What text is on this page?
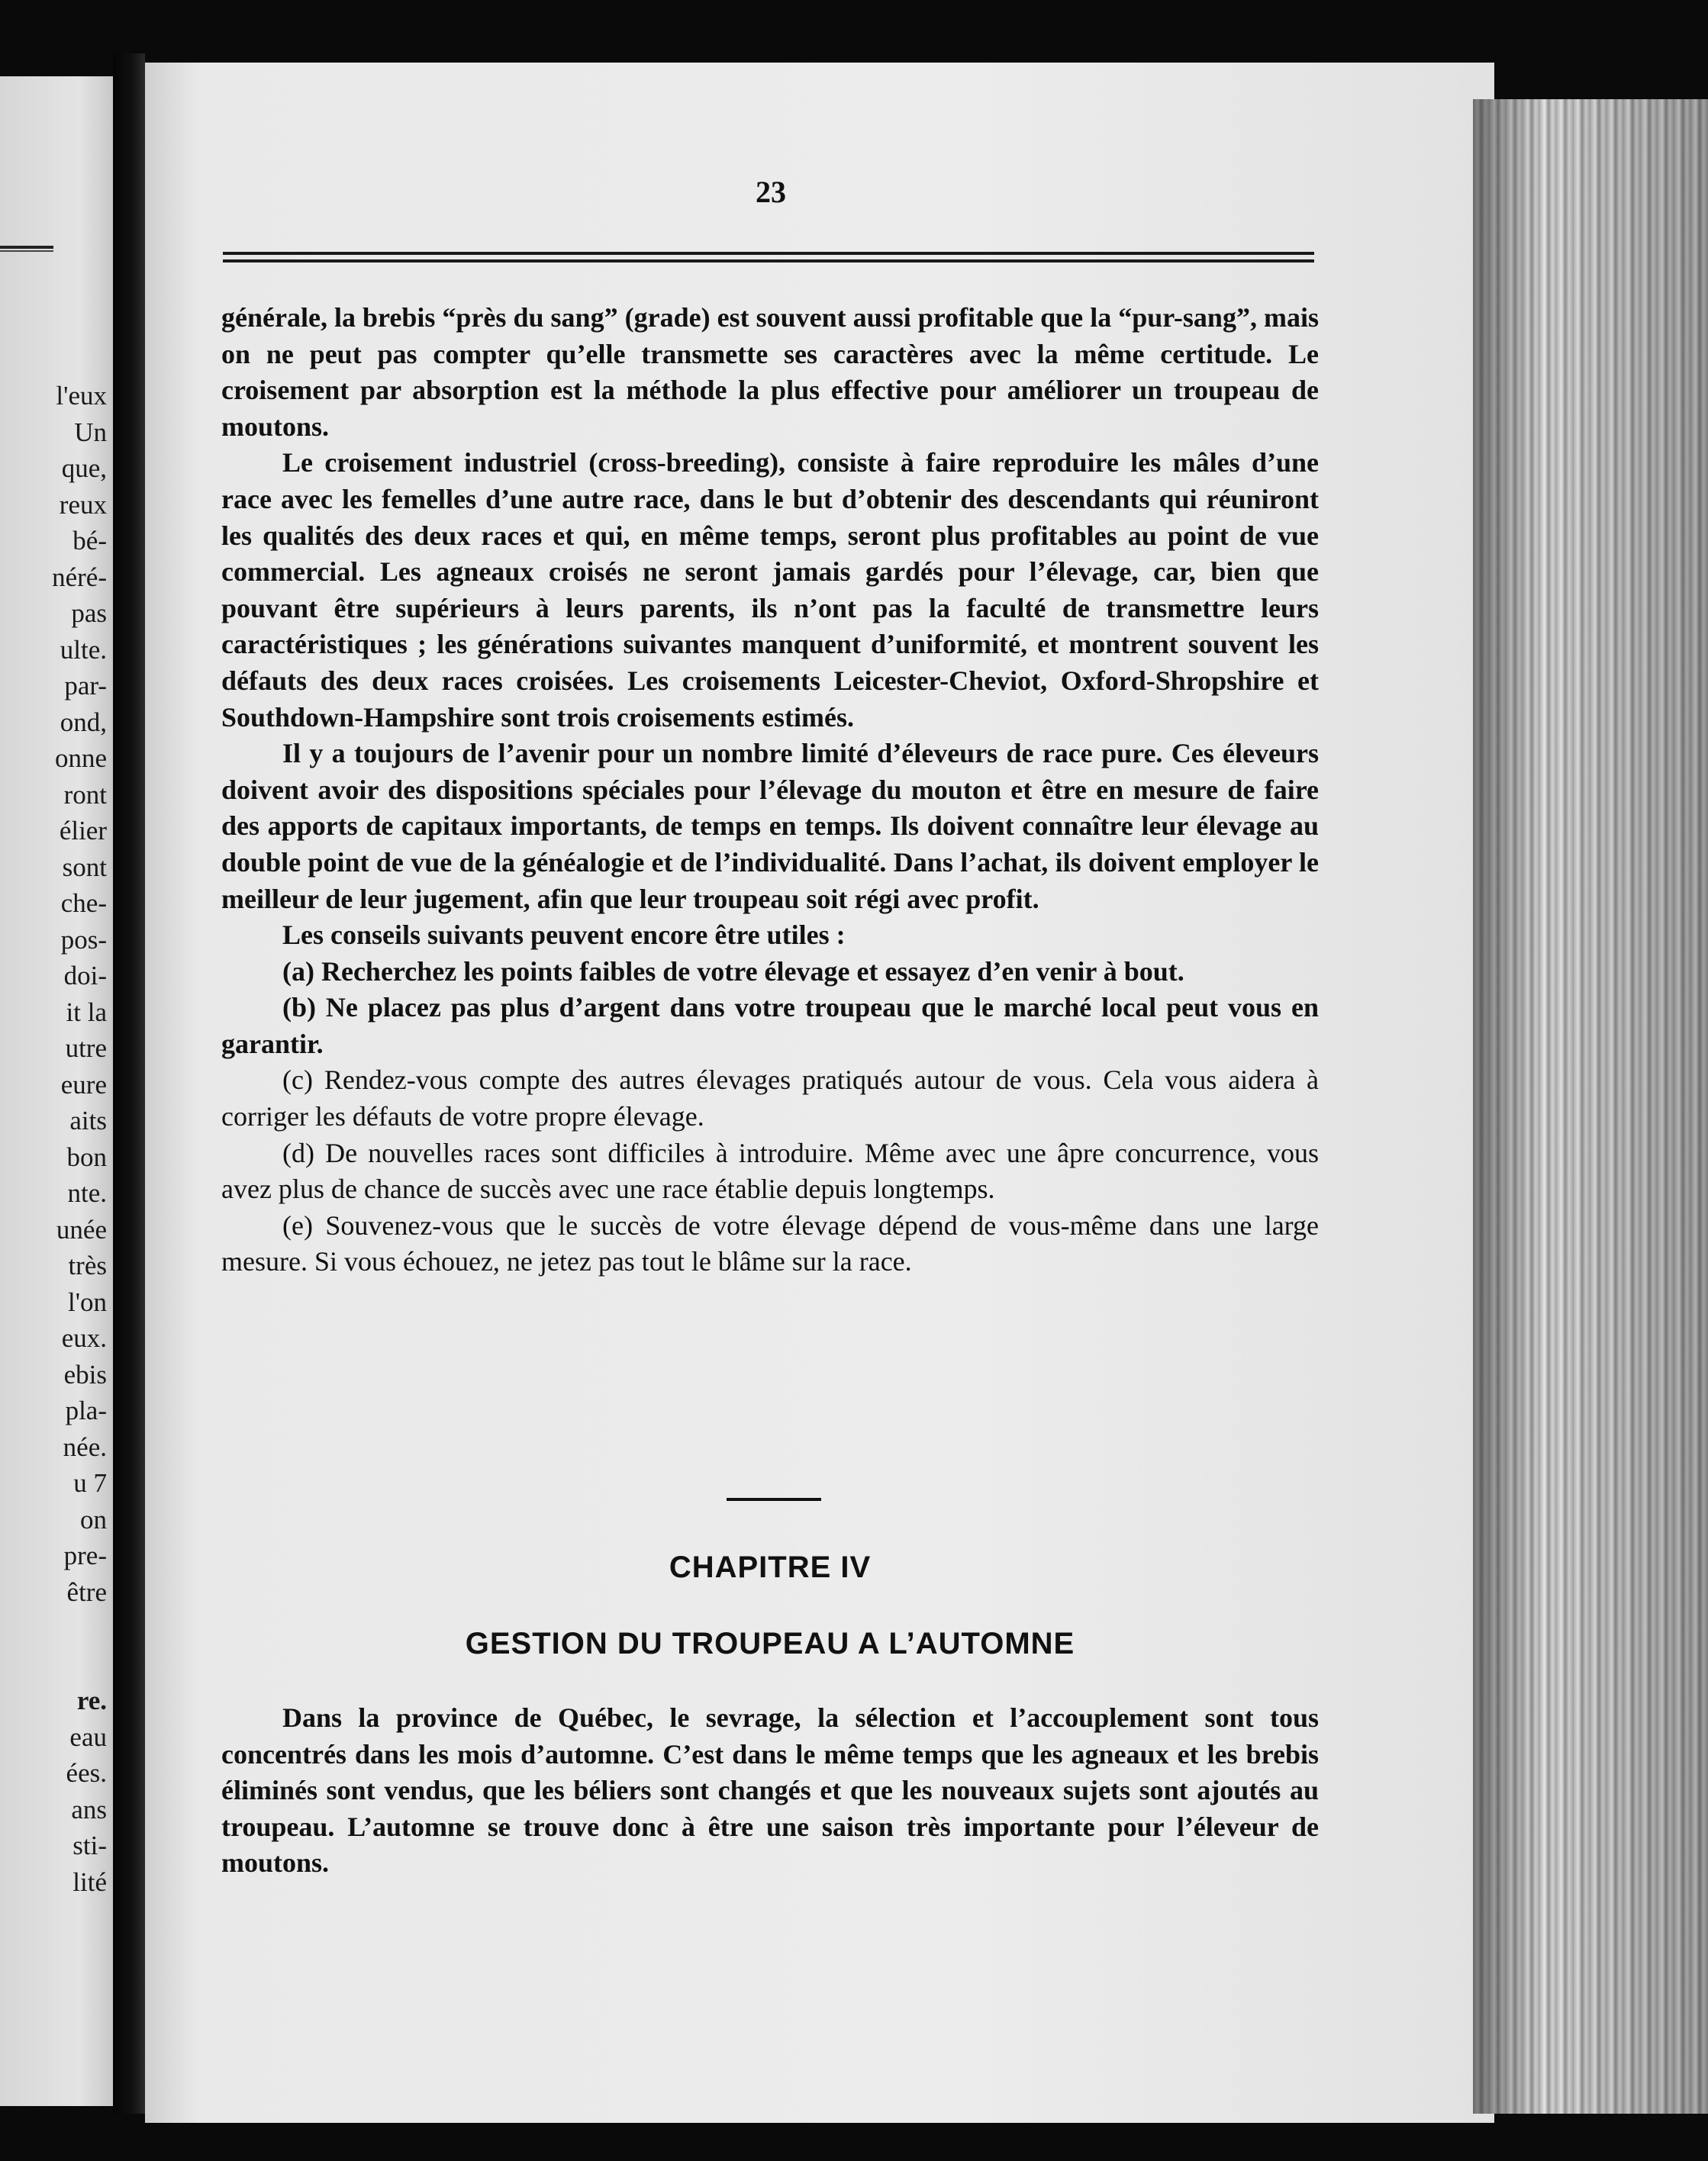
l'eux
Un
que,
reux
bé-
néré-
pas
ulte.
par-
ond,
onne
ront
élier
sont
che-
pos-
doi-
it la
utre
eure
aits
bon
nte.
unée
très
l'on
eux.
ebis
pla-
née.
u 7
on
pre-
être
re.
eau
ées.
ans
sti-
lité
23

générale, la brebis “près du sang” (grade) est souvent aussi profitable que la “pur-sang”, mais on ne peut pas compter qu’elle transmette ses caractères avec la même certitude. Le croisement par absorption est la méthode la plus effective pour améliorer un troupeau de moutons.

Le croisement industriel (cross-breeding), consiste à faire reproduire les mâles d’une race avec les femelles d’une autre race, dans le but d’obtenir des descendants qui réuniront les qualités des deux races et qui, en même temps, seront plus profitables au point de vue commercial. Les agneaux croisés ne seront jamais gardés pour l’élevage, car, bien que pouvant être supérieurs à leurs parents, ils n’ont pas la faculté de transmettre leurs caractéristiques ; les générations suivantes manquent d’uniformité, et montrent souvent les défauts des deux races croisées. Les croisements Leicester-Cheviot, Oxford-Shropshire et Southdown-Hampshire sont trois croisements estimés.

Il y a toujours de l’avenir pour un nombre limité d’éleveurs de race pure. Ces éleveurs doivent avoir des dispositions spéciales pour l’élevage du mouton et être en mesure de faire des apports de capitaux importants, de temps en temps. Ils doivent connaître leur élevage au double point de vue de la généalogie et de l’individualité. Dans l’achat, ils doivent employer le meilleur de leur jugement, afin que leur troupeau soit régi avec profit.

Les conseils suivants peuvent encore être utiles :

(a) Recherchez les points faibles de votre élevage et essayez d’en venir à bout.

(b) Ne placez pas plus d’argent dans votre troupeau que le marché local peut vous en garantir.

(c) Rendez-vous compte des autres élevages pratiqués autour de vous. Cela vous aidera à corriger les défauts de votre propre élevage.

(d) De nouvelles races sont difficiles à introduire. Même avec une âpre concurrence, vous avez plus de chance de succès avec une race établie depuis longtemps.

(e) Souvenez-vous que le succès de votre élevage dépend de vous-même dans une large mesure. Si vous échouez, ne jetez pas tout le blâme sur la race.

CHAPITRE IV
GESTION DU TROUPEAU A L’AUTOMNE

Dans la province de Québec, le sevrage, la sélection et l’accouplement sont tous concentrés dans les mois d’automne. C’est dans le même temps que les agneaux et les brebis éliminés sont vendus, que les béliers sont changés et que les nouveaux sujets sont ajoutés au troupeau. L’automne se trouve donc à être une saison très importante pour l’éleveur de moutons.
